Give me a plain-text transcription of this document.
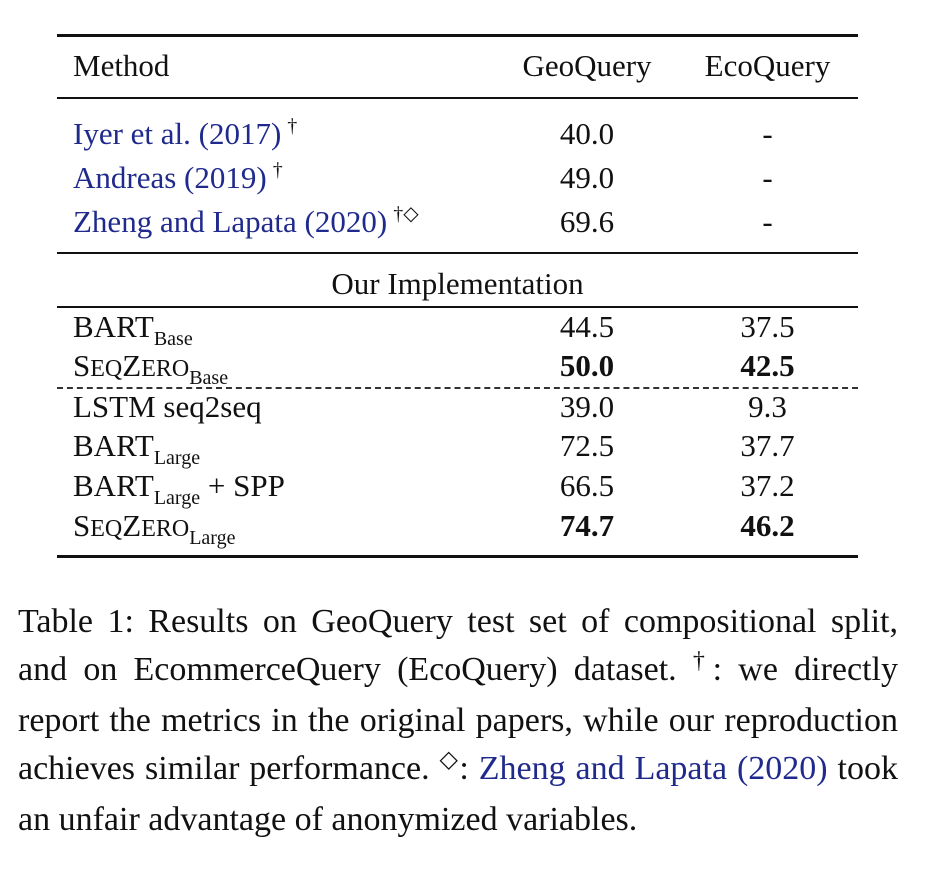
Method	GeoQuery	EcoQuery
Iyer et al. (2017) †	40.0	-
Andreas (2019) †	49.0	-
Zheng and Lapata (2020) †◇	69.6	-
Our Implementation
$BART_{Base}$	44.5	37.5
$SEQZERO_{Base}$	50.0	42.5
LSTM seq2seq	39.0	9.3
$BART_{Large}$	72.5	37.7
$BART_{Large}$ + SPP	66.5	37.2
$SEQZERO_{Large}$	74.7	46.2
Table 1: Results on GeoQuery test set of compositional split, and on EcommerceQuery (EcoQuery) dataset. †: we directly report the metrics in the original papers, while our reproduction achieves similar performance. ◇: Zheng and Lapata (2020) took an unfair advantage of anonymized variables.
